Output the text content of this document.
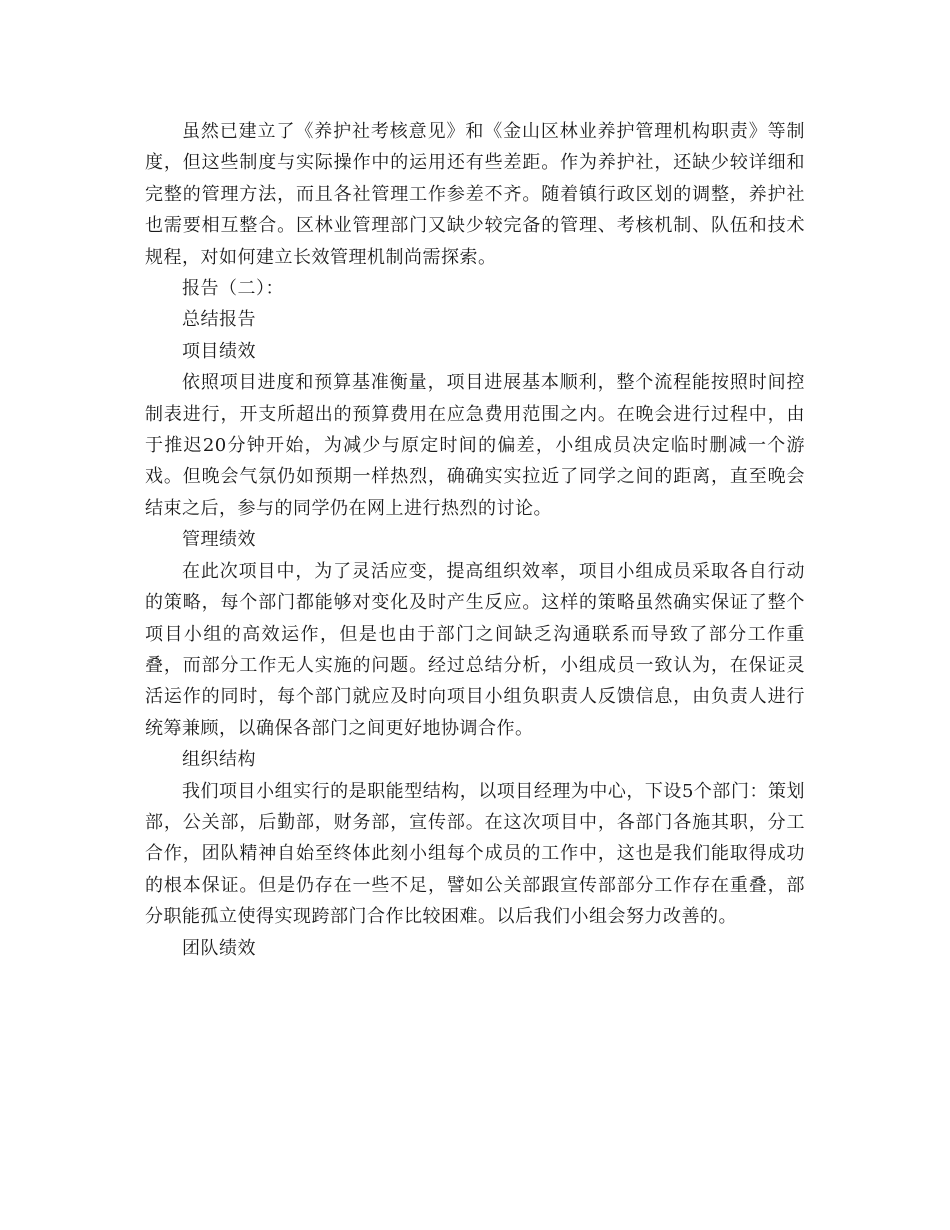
虽然已建立了《养护社考核意见》和《金山区林业养护管理机构职责》等制度，但这些制度与实际操作中的运用还有些差距。作为养护社，还缺少较详细和完整的管理方法，而且各社管理工作参差不齐。随着镇行政区划的调整，养护社也需要相互整合。区林业管理部门又缺少较完备的管理、考核机制、队伍和技术规程，对如何建立长效管理机制尚需探索。

报告（二）：

总结报告

项目绩效

依照项目进度和预算基准衡量，项目进展基本顺利，整个流程能按照时间控制表进行，开支所超出的预算费用在应急费用范围之内。在晚会进行过程中，由于推迟20分钟开始，为减少与原定时间的偏差，小组成员决定临时删减一个游戏。但晚会气氛仍如预期一样热烈，确确实实拉近了同学之间的距离，直至晚会结束之后，参与的同学仍在网上进行热烈的讨论。

管理绩效

在此次项目中，为了灵活应变，提高组织效率，项目小组成员采取各自行动的策略，每个部门都能够对变化及时产生反应。这样的策略虽然确实保证了整个项目小组的高效运作，但是也由于部门之间缺乏沟通联系而导致了部分工作重叠，而部分工作无人实施的问题。经过总结分析，小组成员一致认为，在保证灵活运作的同时，每个部门就应及时向项目小组负职责人反馈信息，由负责人进行统筹兼顾，以确保各部门之间更好地协调合作。

组织结构

我们项目小组实行的是职能型结构，以项目经理为中心，下设5个部门：策划部，公关部，后勤部，财务部，宣传部。在这次项目中，各部门各施其职，分工合作，团队精神自始至终体此刻小组每个成员的工作中，这也是我们能取得成功的根本保证。但是仍存在一些不足，譬如公关部跟宣传部部分工作存在重叠，部分职能孤立使得实现跨部门合作比较困难。以后我们小组会努力改善的。

团队绩效
